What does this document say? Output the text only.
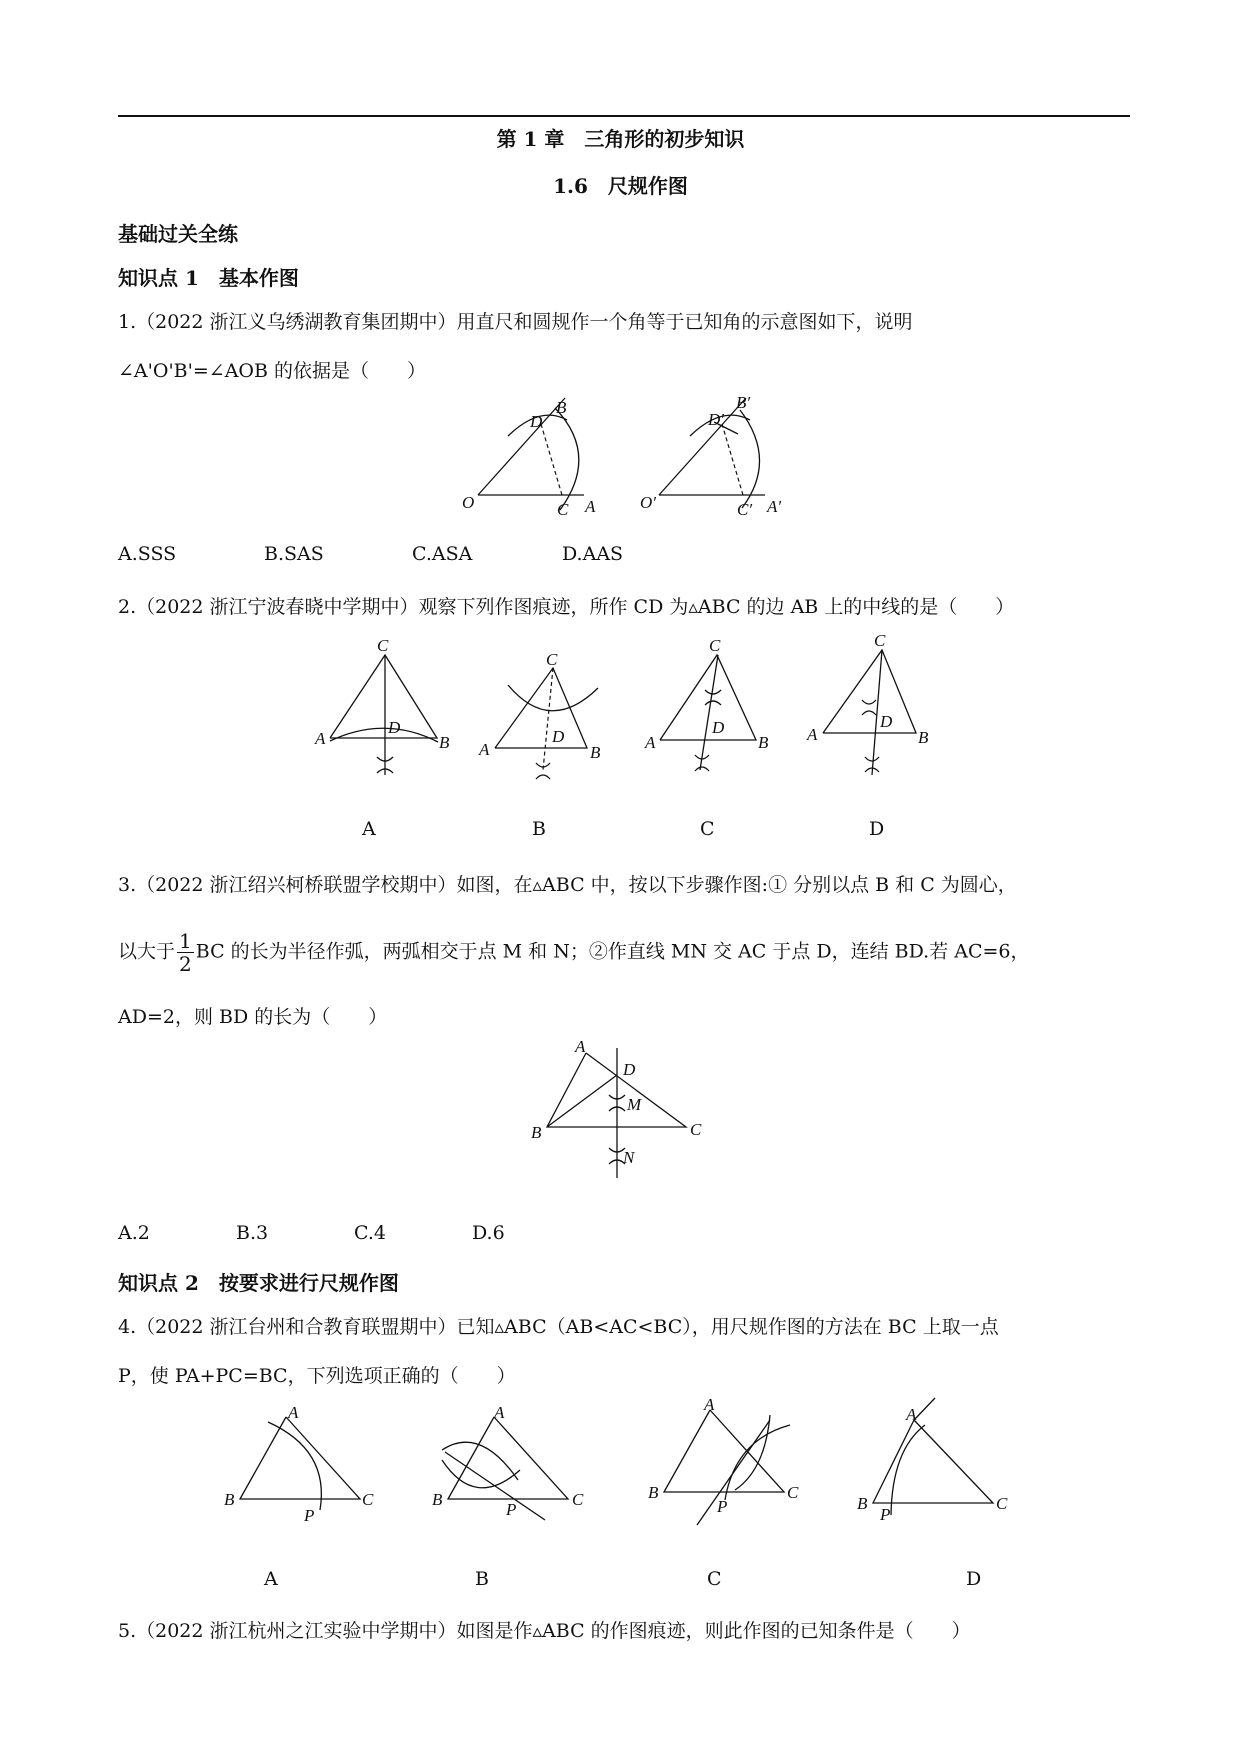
第 1 章　三角形的初步知识
1.6　尺规作图
基础过关全练
知识点 1　基本作图
1.（2022 浙江义乌绣湖教育集团期中）用直尺和圆规作一个角等于已知角的示意图如下，说明
∠A'O'B'=∠AOB 的依据是（　　）
O	A
B
C
D
O′	A′
B′
C′
D′
A.SSS	B.SAS	C.ASA	D.AAS
2.（2022 浙江宁波春晓中学期中）观察下列作图痕迹，所作 CD 为▵ABC 的边 AB 上的中线的是（　　）
C
A	B
D
C
A	B
D
C
A	B
D
C
A	B
D
A	B	C	D
3.（2022 浙江绍兴柯桥联盟学校期中）如图，在▵ABC 中，按以下步骤作图:① 分别以点 B 和 C 为圆心，
以大于 $\frac{1}{2}$ BC 的长为半径作弧，两弧相交于点 M 和 N；②作直线 MN 交 AC 于点 D，连结 BD.若 AC=6，
AD=2，则 BD 的长为（　　）
A
B	C
D
M
N
A.2	B.3	C.4	D.6
知识点 2　按要求进行尺规作图
4.（2022 浙江台州和合教育联盟期中）已知▵ABC（AB<AC<BC），用尺规作图的方法在 BC 上取一点
P，使 PA+PC=BC，下列选项正确的（　　）
A
B	C
P
A
B	C
P
A
B	C
P
A
B	C
P
A	B	C	D
5.（2022 浙江杭州之江实验中学期中）如图是作▵ABC 的作图痕迹，则此作图的已知条件是（　　）
